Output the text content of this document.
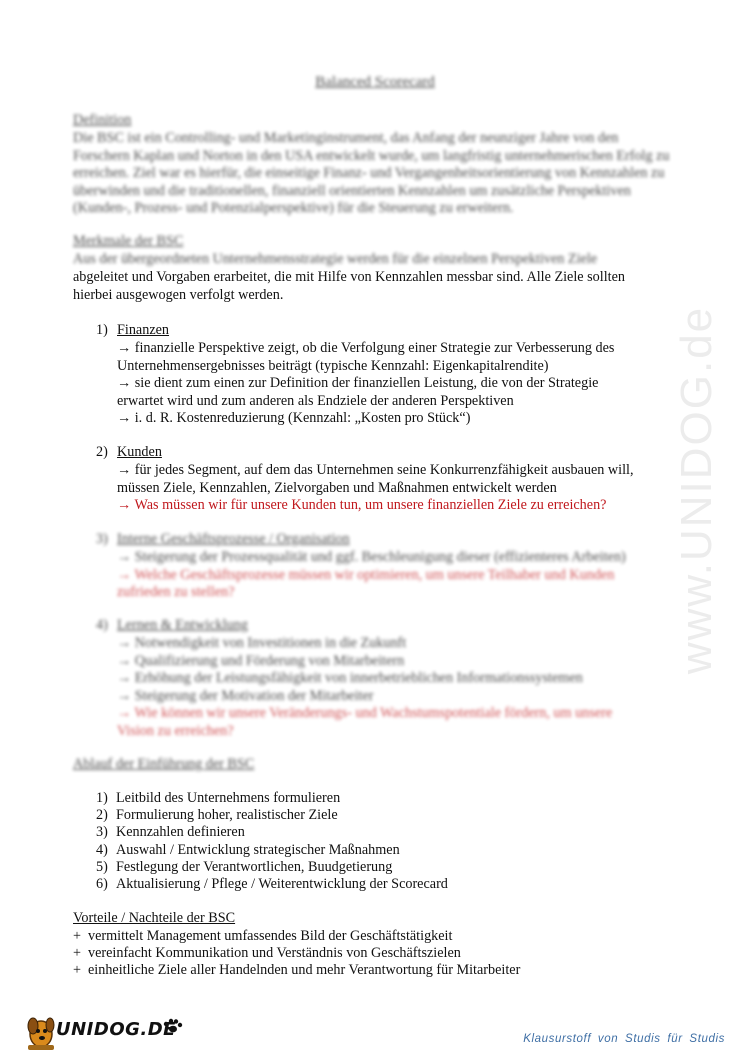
www.UNIDOG.de
Balanced Scorecard
Definition
Die BSC ist ein Controlling- und Marketinginstrument, das Anfang der neunziger Jahre von den Forschern Kaplan und Norton in den USA entwickelt wurde, um langfristig unternehmerischen Erfolg zu erreichen. Ziel war es hierfür, die einseitige Finanz- und Vergangenheitsorientierung von Kennzahlen zu überwinden und die traditionellen, finanziell orientierten Kennzahlen um zusätzliche Perspektiven (Kunden-, Prozess- und Potenzialperspektive) für die Steuerung zu erweitern.
Merkmale der BSC
Aus der übergeordneten Unternehmensstrategie werden für die einzelnen Perspektiven Ziele
abgeleitet und Vorgaben erarbeitet, die mit Hilfe von Kennzahlen messbar sind. Alle Ziele sollten
hierbei ausgewogen verfolgt werden.
1) Finanzen
→ finanzielle Perspektive zeigt, ob die Verfolgung einer Strategie zur Verbesserung des
Unternehmensergebnisses beiträgt (typische Kennzahl: Eigenkapitalrendite)
→ sie dient zum einen zur Definition der finanziellen Leistung, die von der Strategie
erwartet wird und zum anderen als Endziele der anderen Perspektiven
→ i. d. R. Kostenreduzierung (Kennzahl: „Kosten pro Stück“)
2) Kunden
→ für jedes Segment, auf dem das Unternehmen seine Konkurrenzfähigkeit ausbauen will,
müssen Ziele, Kennzahlen, Zielvorgaben und Maßnahmen entwickelt werden
→ Was müssen wir für unsere Kunden tun, um unsere finanziellen Ziele zu erreichen?
3) Interne Geschäftsprozesse / Organisation
→ Steigerung der Prozessqualität und ggf. Beschleunigung dieser (effizienteres Arbeiten)
→ Welche Geschäftsprozesse müssen wir optimieren, um unsere Teilhaber und Kunden
zufrieden zu stellen?
4) Lernen & Entwicklung
→ Notwendigkeit von Investitionen in die Zukunft
→ Qualifizierung und Förderung von Mitarbeitern
→ Erhöhung der Leistungsfähigkeit von innerbetrieblichen Informationssystemen
→ Steigerung der Motivation der Mitarbeiter
→ Wie können wir unsere Veränderungs- und Wachstumspotentiale fördern, um unsere
Vision zu erreichen?
Ablauf der Einführung der BSC
1) Leitbild des Unternehmens formulieren
2) Formulierung hoher, realistischer Ziele
3) Kennzahlen definieren
4) Auswahl / Entwicklung strategischer Maßnahmen
5) Festlegung der Verantwortlichen, Buudgetierung
6) Aktualisierung / Pflege / Weiterentwicklung der Scorecard
Vorteile / Nachteile der BSC
+ vermittelt Management umfassendes Bild der Geschäftstätigkeit
+ vereinfacht Kommunikation und Verständnis von Geschäftszielen
+ einheitliche Ziele aller Handelnden und mehr Verantwortung für Mitarbeiter
UNIDOG.DE	Klausurstoff von Studis für Studis
